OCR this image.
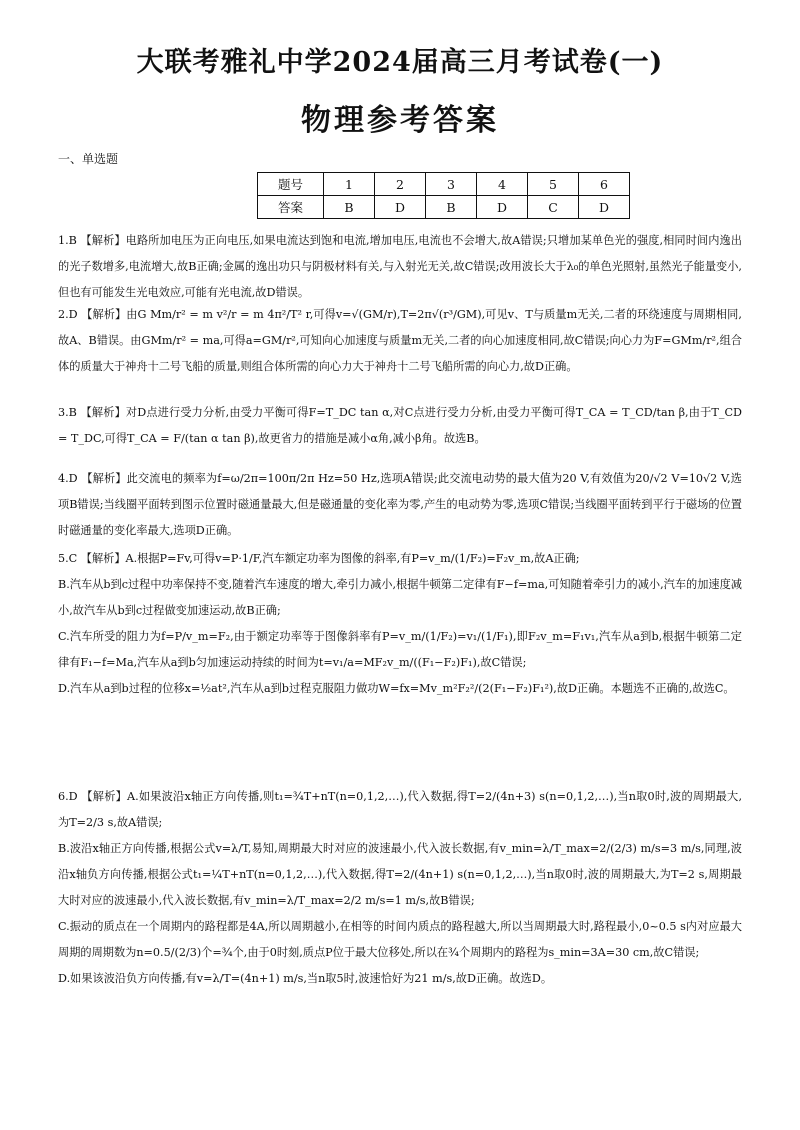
大联考雅礼中学2024届高三月考试卷(一)
物理参考答案
一、单选题
题号	1	2	3	4	5	6
答案	B	D	B	D	C	D

1.B 【解析】电路所加电压为正向电压,如果电流达到饱和电流,增加电压,电流也不会增大,故A错误;只增加某单色光的强度,相同时间内逸出的光子数增多,电流增大,故B正确;金属的逸出功只与阴极材料有关,与入射光无关,故C错误;改用波长大于λ₀的单色光照射,虽然光子能量变小,但也有可能发生光电效应,可能有光电流,故D错误。

2.D 【解析】由G Mm/r² = m v²/r = m 4π²/T² r,可得v=√(GM/r),T=2π√(r³/GM),可见v、T与质量m无关,二者的环绕速度与周期相同,故A、B错误。由GMm/r² = ma,可得a=GM/r²,可知向心加速度与质量m无关,二者的向心加速度相同,故C错误;向心力为F=GMm/r²,组合体的质量大于神舟十二号飞船的质量,则组合体所需的向心力大于神舟十二号飞船所需的向心力,故D正确。

3.B 【解析】对D点进行受力分析,由受力平衡可得F=T_DC tan α,对C点进行受力分析,由受力平衡可得T_CA = T_CD/tan β,由于T_CD = T_DC,可得T_CA = F/(tan α tan β),故更省力的措施是减小α角,减小β角。故选B。

4.D 【解析】此交流电的频率为f=ω/2π=100π/2π Hz=50 Hz,选项A错误;此交流电动势的最大值为20 V,有效值为20/√2 V=10√2 V,选项B错误;当线圈平面转到图示位置时磁通量最大,但是磁通量的变化率为零,产生的电动势为零,选项C错误;当线圈平面转到平行于磁场的位置时磁通量的变化率最大,选项D正确。

5.C 【解析】A.根据P=Fv,可得v=P·1/F,汽车额定功率为图像的斜率,有P=v_m/(1/F₂)=F₂v_m,故A正确;

B.汽车从b到c过程中功率保持不变,随着汽车速度的增大,牵引力减小,根据牛顿第二定律有F−f=ma,可知随着牵引力的减小,汽车的加速度减小,故汽车从b到c过程做变加速运动,故B正确;

C.汽车所受的阻力为f=P/v_m=F₂,由于额定功率等于图像斜率有P=v_m/(1/F₂)=v₁/(1/F₁),即F₂v_m=F₁v₁,汽车从a到b,根据牛顿第二定律有F₁−f=Ma,汽车从a到b匀加速运动持续的时间为t=v₁/a=MF₂v_m/((F₁−F₂)F₁),故C错误;

D.汽车从a到b过程的位移x=½at²,汽车从a到b过程克服阻力做功W=fx=Mv_m²F₂²/(2(F₁−F₂)F₁²),故D正确。本题选不正确的,故选C。

6.D 【解析】A.如果波沿x轴正方向传播,则t₁=¾T+nT(n=0,1,2,…),代入数据,得T=2/(4n+3) s(n=0,1,2,…),当n取0时,波的周期最大,为T=2/3 s,故A错误;

B.波沿x轴正方向传播,根据公式v=λ/T,易知,周期最大时对应的波速最小,代入波长数据,有v_min=λ/T_max=2/(2/3) m/s=3 m/s,同理,波沿x轴负方向传播,根据公式t₁=¼T+nT(n=0,1,2,…),代入数据,得T=2/(4n+1) s(n=0,1,2,…),当n取0时,波的周期最大,为T=2 s,周期最大时对应的波速最小,代入波长数据,有v_min=λ/T_max=2/2 m/s=1 m/s,故B错误;

C.振动的质点在一个周期内的路程都是4A,所以周期越小,在相等的时间内质点的路程越大,所以当周期最大时,路程最小,0~0.5 s内对应最大周期的周期数为n=0.5/(2/3)个=¾个,由于0时刻,质点P位于最大位移处,所以在¾个周期内的路程为s_min=3A=30 cm,故C错误;

D.如果该波沿负方向传播,有v=λ/T=(4n+1) m/s,当n取5时,波速恰好为21 m/s,故D正确。故选D。
